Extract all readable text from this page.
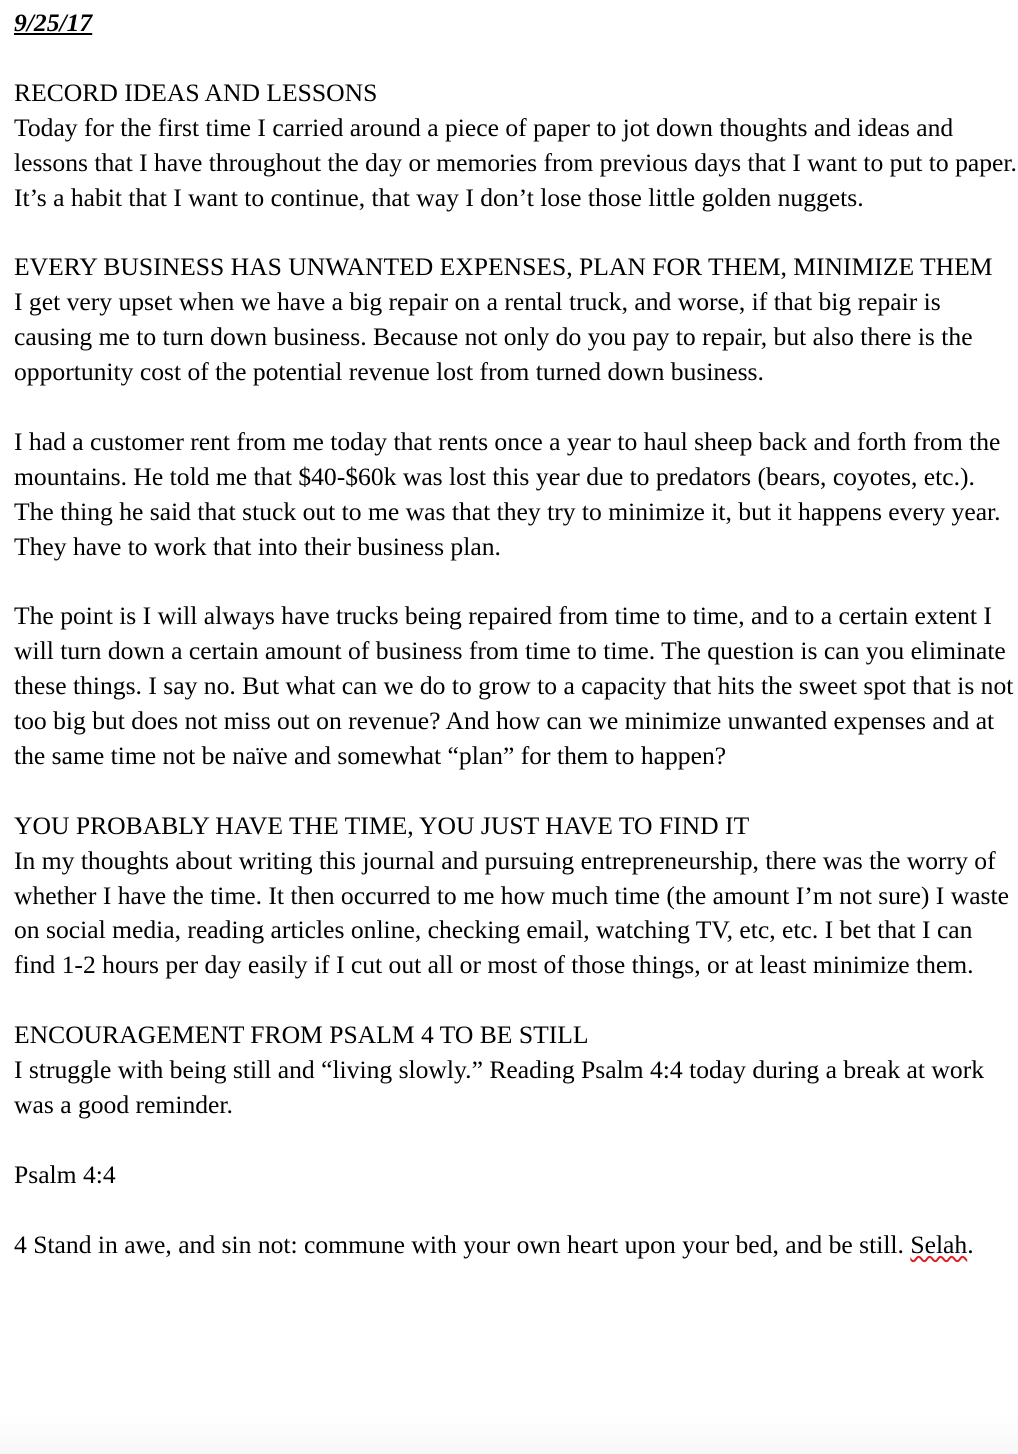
9/25/17

RECORD IDEAS AND LESSONS

Today for the first time I carried around a piece of paper to jot down thoughts and ideas and lessons that I have throughout the day or memories from previous days that I want to put to paper. It’s a habit that I want to continue, that way I don’t lose those little golden nuggets.

EVERY BUSINESS HAS UNWANTED EXPENSES, PLAN FOR THEM, MINIMIZE THEM

I get very upset when we have a big repair on a rental truck, and worse, if that big repair is causing me to turn down business. Because not only do you pay to repair, but also there is the opportunity cost of the potential revenue lost from turned down business.

I had a customer rent from me today that rents once a year to haul sheep back and forth from the mountains. He told me that $40-$60k was lost this year due to predators (bears, coyotes, etc.). The thing he said that stuck out to me was that they try to minimize it, but it happens every year. They have to work that into their business plan.

The point is I will always have trucks being repaired from time to time, and to a certain extent I will turn down a certain amount of business from time to time. The question is can you eliminate these things. I say no. But what can we do to grow to a capacity that hits the sweet spot that is not too big but does not miss out on revenue? And how can we minimize unwanted expenses and at the same time not be naïve and somewhat “plan” for them to happen?

YOU PROBABLY HAVE THE TIME, YOU JUST HAVE TO FIND IT

In my thoughts about writing this journal and pursuing entrepreneurship, there was the worry of whether I have the time. It then occurred to me how much time (the amount I’m not sure) I waste on social media, reading articles online, checking email, watching TV, etc, etc. I bet that I can find 1-2 hours per day easily if I cut out all or most of those things, or at least minimize them.

ENCOURAGEMENT FROM PSALM 4 TO BE STILL

I struggle with being still and “living slowly.” Reading Psalm 4:4 today during a break at work was a good reminder.

Psalm 4:4

4 Stand in awe, and sin not: commune with your own heart upon your bed, and be still. Selah.
